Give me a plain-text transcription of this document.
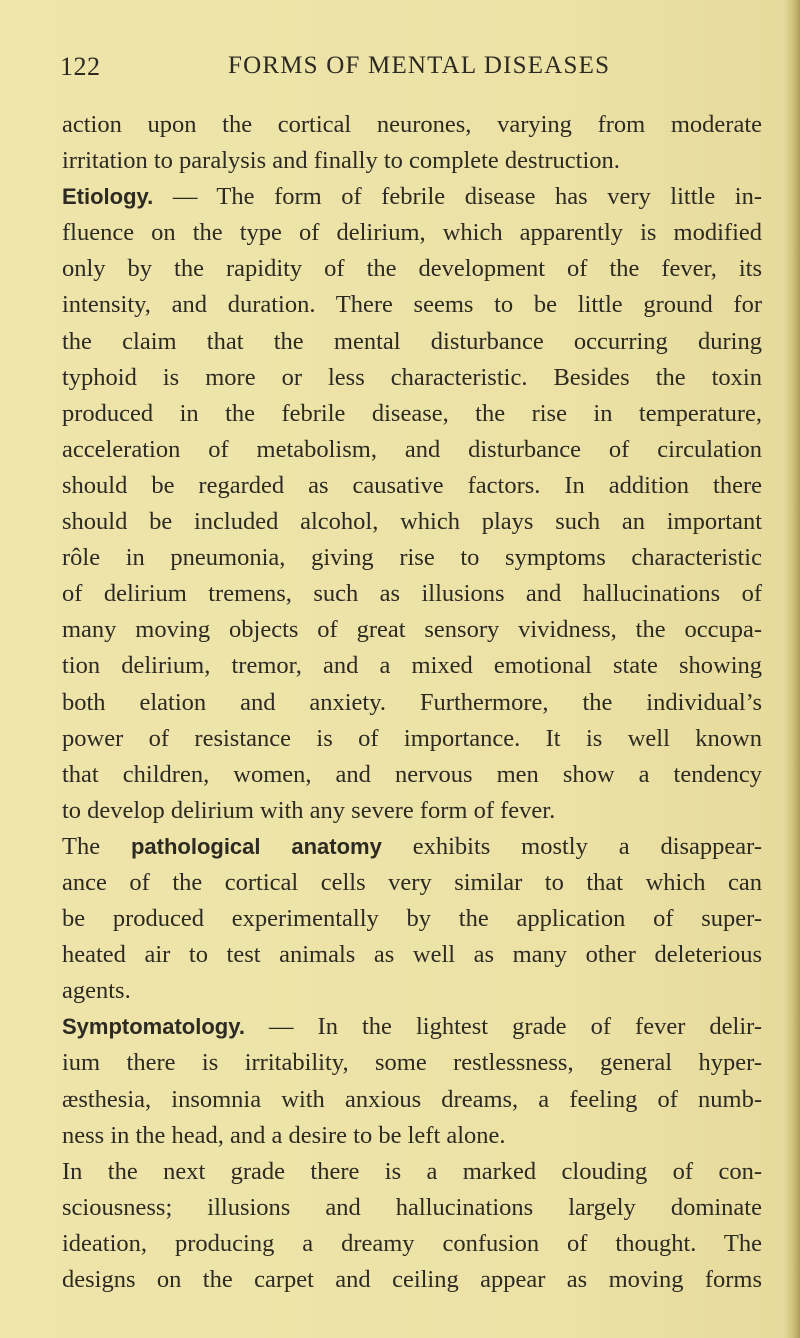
122	FORMS OF MENTAL DISEASES
action upon the cortical neurones, varying from moderate
irritation to paralysis and finally to complete destruction.
Etiology. — The form of febrile disease has very little in-
fluence on the type of delirium, which apparently is modified
only by the rapidity of the development of the fever, its
intensity, and duration. There seems to be little ground for
the claim that the mental disturbance occurring during
typhoid is more or less characteristic. Besides the toxin
produced in the febrile disease, the rise in temperature,
acceleration of metabolism, and disturbance of circulation
should be regarded as causative factors. In addition there
should be included alcohol, which plays such an important
rôle in pneumonia, giving rise to symptoms characteristic
of delirium tremens, such as illusions and hallucinations of
many moving objects of great sensory vividness, the occupa-
tion delirium, tremor, and a mixed emotional state showing
both elation and anxiety. Furthermore, the individual’s
power of resistance is of importance. It is well known
that children, women, and nervous men show a tendency
to develop delirium with any severe form of fever.
The pathological anatomy exhibits mostly a disappear-
ance of the cortical cells very similar to that which can
be produced experimentally by the application of super-
heated air to test animals as well as many other deleterious
agents.
Symptomatology. — In the lightest grade of fever delir-
ium there is irritability, some restlessness, general hyper-
æsthesia, insomnia with anxious dreams, a feeling of numb-
ness in the head, and a desire to be left alone.
In the next grade there is a marked clouding of con-
sciousness; illusions and hallucinations largely dominate
ideation, producing a dreamy confusion of thought. The
designs on the carpet and ceiling appear as moving forms
